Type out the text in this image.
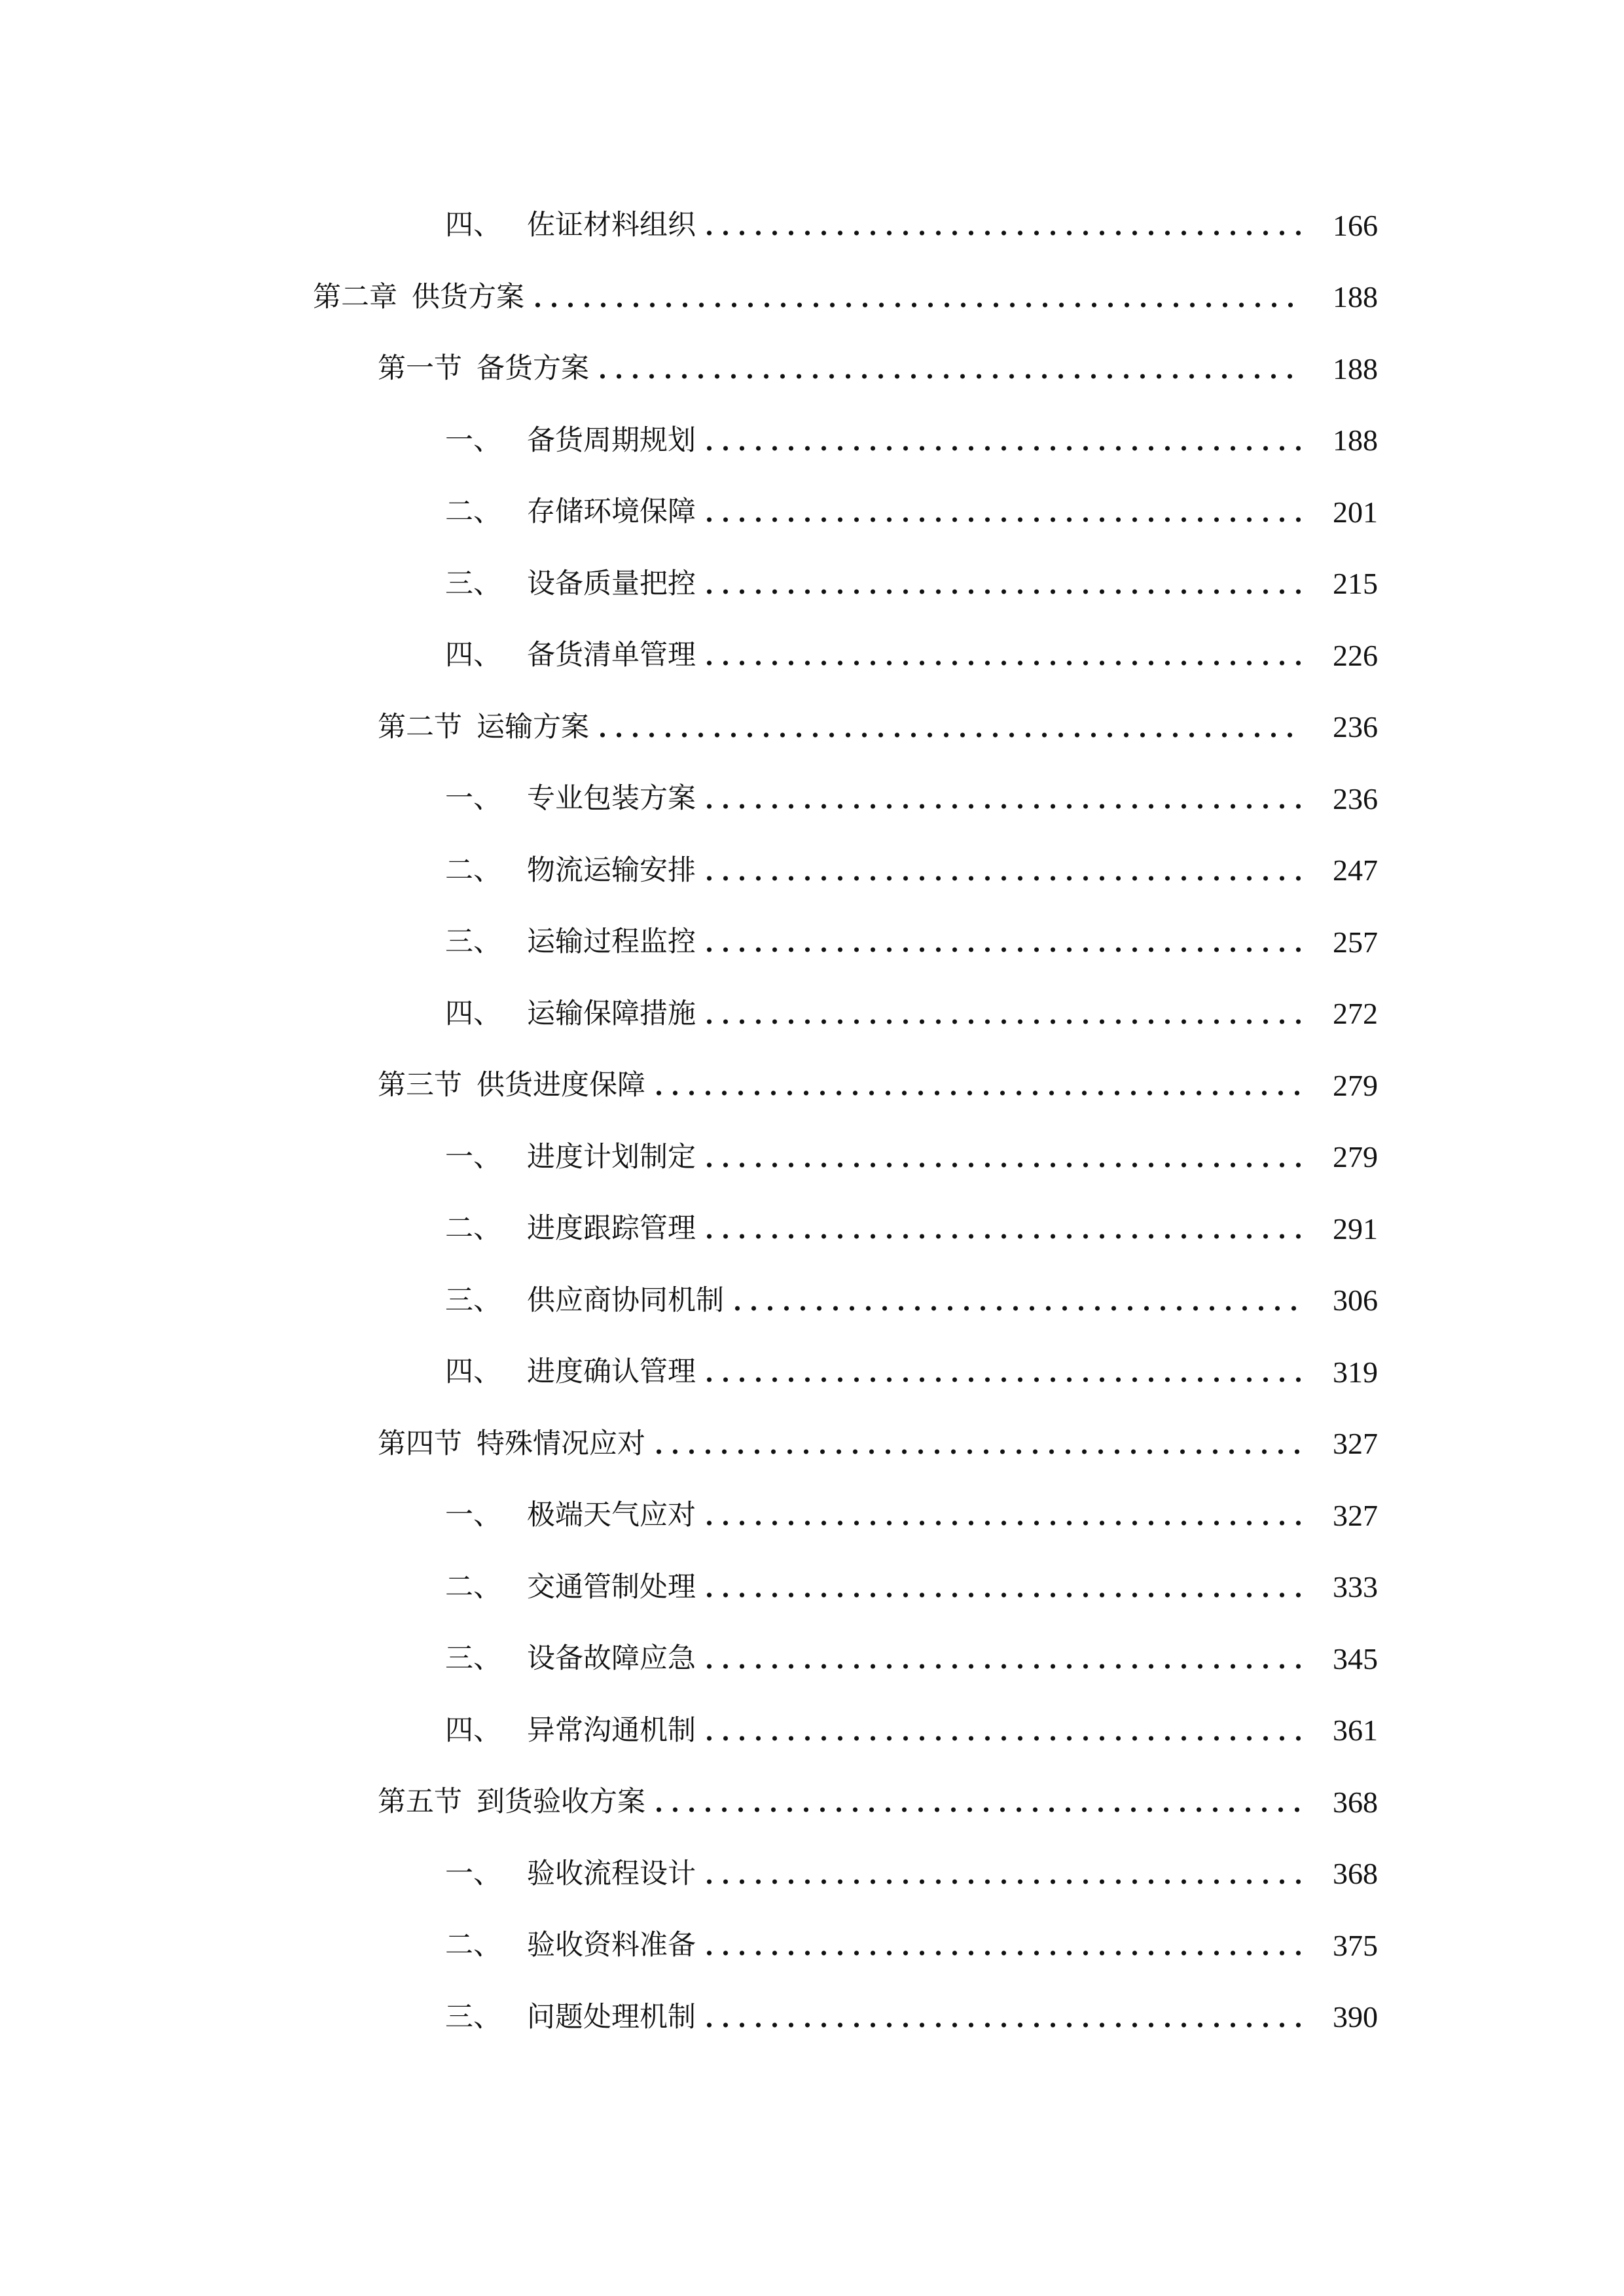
四、 佐证材料组织	166
第二章 供货方案	188
第一节 备货方案	188
一、 备货周期规划	188
二、 存储环境保障	201
三、 设备质量把控	215
四、 备货清单管理	226
第二节 运输方案	236
一、 专业包装方案	236
二、 物流运输安排	247
三、 运输过程监控	257
四、 运输保障措施	272
第三节 供货进度保障	279
一、 进度计划制定	279
二、 进度跟踪管理	291
三、 供应商协同机制	306
四、 进度确认管理	319
第四节 特殊情况应对	327
一、 极端天气应对	327
二、 交通管制处理	333
三、 设备故障应急	345
四、 异常沟通机制	361
第五节 到货验收方案	368
一、 验收流程设计	368
二、 验收资料准备	375
三、 问题处理机制	390
